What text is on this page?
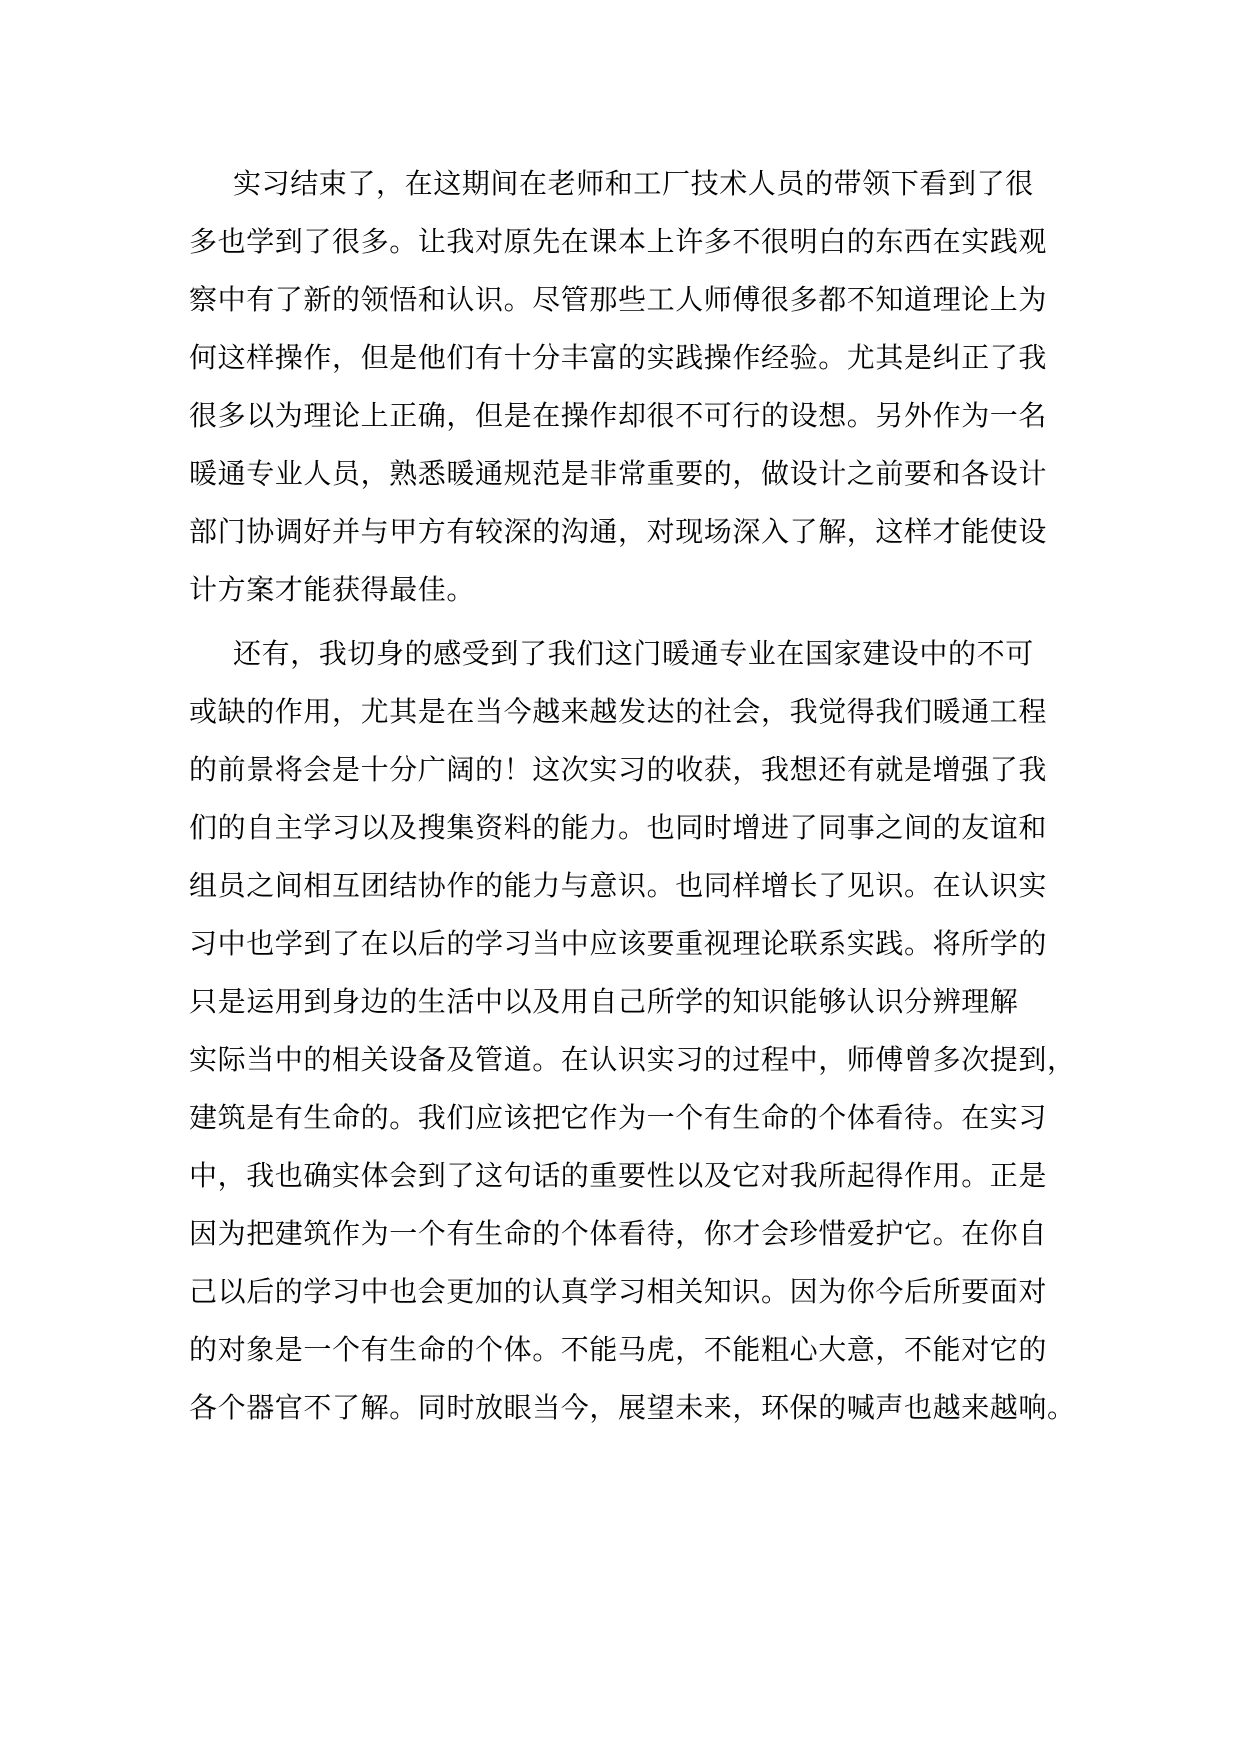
实习结束了，在这期间在老师和工厂技术人员的带领下看到了很

多也学到了很多。让我对原先在课本上许多不很明白的东西在实践观

察中有了新的领悟和认识。尽管那些工人师傅很多都不知道理论上为

何这样操作，但是他们有十分丰富的实践操作经验。尤其是纠正了我

很多以为理论上正确，但是在操作却很不可行的设想。另外作为一名

暖通专业人员，熟悉暖通规范是非常重要的，做设计之前要和各设计

部门协调好并与甲方有较深的沟通，对现场深入了解，这样才能使设

计方案才能获得最佳。

还有，我切身的感受到了我们这门暖通专业在国家建设中的不可

或缺的作用，尤其是在当今越来越发达的社会，我觉得我们暖通工程

的前景将会是十分广阔的！这次实习的收获，我想还有就是增强了我

们的自主学习以及搜集资料的能力。也同时增进了同事之间的友谊和

组员之间相互团结协作的能力与意识。也同样增长了见识。在认识实

习中也学到了在以后的学习当中应该要重视理论联系实践。将所学的

只是运用到身边的生活中以及用自己所学的知识能够认识分辨理解

实际当中的相关设备及管道。在认识实习的过程中，师傅曾多次提到，

建筑是有生命的。我们应该把它作为一个有生命的个体看待。在实习

中，我也确实体会到了这句话的重要性以及它对我所起得作用。正是

因为把建筑作为一个有生命的个体看待，你才会珍惜爱护它。在你自

己以后的学习中也会更加的认真学习相关知识。因为你今后所要面对

的对象是一个有生命的个体。不能马虎，不能粗心大意，不能对它的

各个器官不了解。同时放眼当今，展望未来，环保的喊声也越来越响。
